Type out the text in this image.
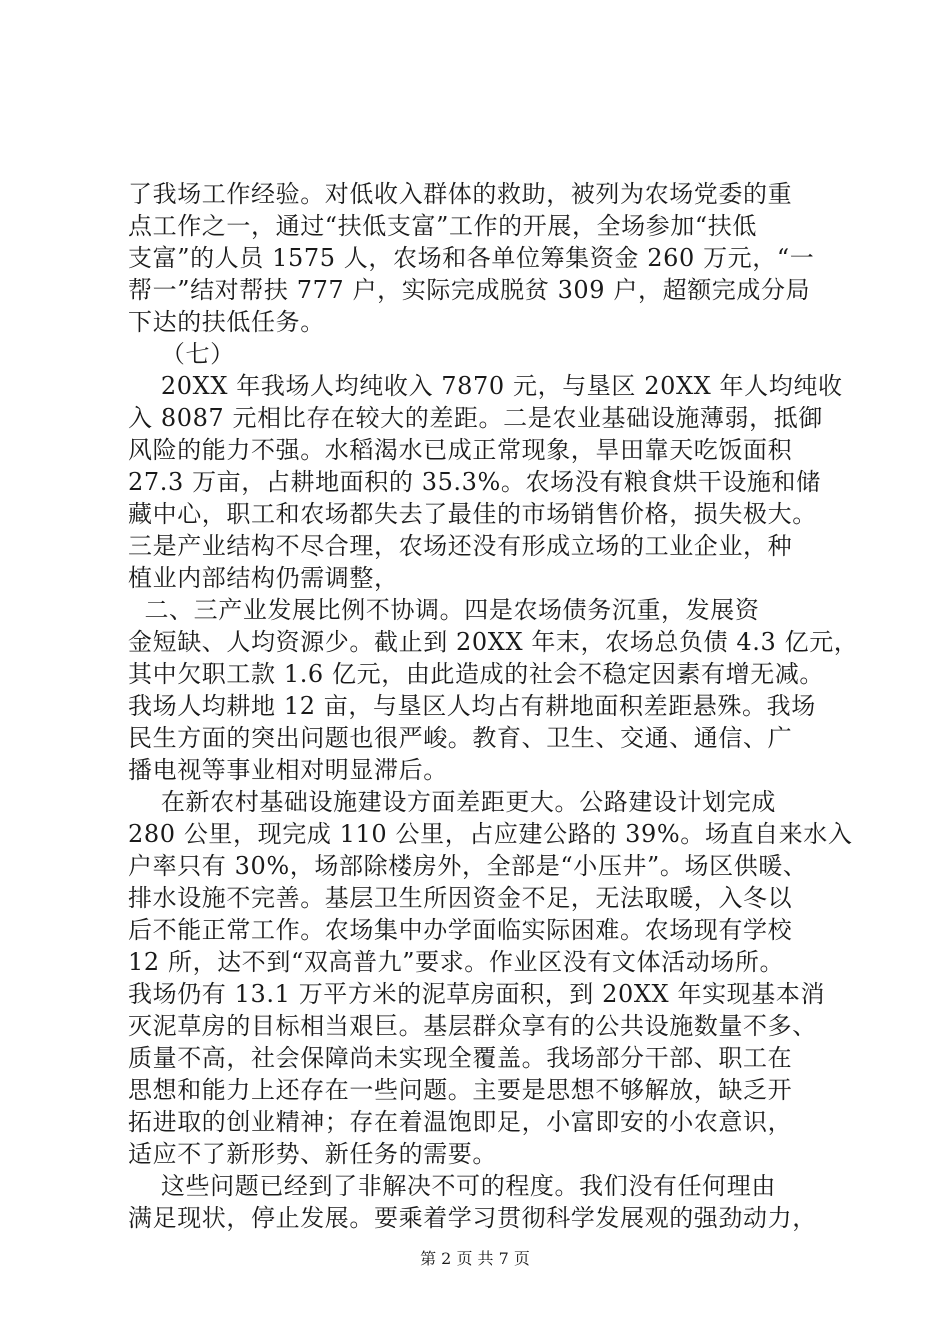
了我场工作经验。对低收入群体的救助，被列为农场党委的重
点工作之一，通过“扶低支富”工作的开展，全场参加“扶低
支富”的人员 1575 人，农场和各单位筹集资金 260 万元，“一
帮一”结对帮扶 777 户，实际完成脱贫 309 户，超额完成分局
下达的扶低任务。
（七）
20XX 年我场人均纯收入 7870 元，与垦区 20XX 年人均纯收
入 8087 元相比存在较大的差距。二是农业基础设施薄弱，抵御
风险的能力不强。水稻渴水已成正常现象，旱田靠天吃饭面积
27.3 万亩，占耕地面积的 35.3%。农场没有粮食烘干设施和储
藏中心，职工和农场都失去了最佳的市场销售价格，损失极大。
三是产业结构不尽合理，农场还没有形成立场的工业企业，种
植业内部结构仍需调整，
二、三产业发展比例不协调。四是农场债务沉重，发展资
金短缺、人均资源少。截止到 20XX 年末，农场总负债 4.3 亿元，
其中欠职工款 1.6 亿元，由此造成的社会不稳定因素有增无减。
我场人均耕地 12 亩，与垦区人均占有耕地面积差距悬殊。我场
民生方面的突出问题也很严峻。教育、卫生、交通、通信、广
播电视等事业相对明显滞后。
在新农村基础设施建设方面差距更大。公路建设计划完成
280 公里，现完成 110 公里，占应建公路的 39%。场直自来水入
户率只有 30%，场部除楼房外，全部是“小压井”。场区供暖、
排水设施不完善。基层卫生所因资金不足，无法取暖，入冬以
后不能正常工作。农场集中办学面临实际困难。农场现有学校
12 所，达不到“双高普九”要求。作业区没有文体活动场所。
我场仍有 13.1 万平方米的泥草房面积，到 20XX 年实现基本消
灭泥草房的目标相当艰巨。基层群众享有的公共设施数量不多、
质量不高，社会保障尚未实现全覆盖。我场部分干部、职工在
思想和能力上还存在一些问题。主要是思想不够解放，缺乏开
拓进取的创业精神；存在着温饱即足，小富即安的小农意识，
适应不了新形势、新任务的需要。
这些问题已经到了非解决不可的程度。我们没有任何理由
满足现状，停止发展。要乘着学习贯彻科学发展观的强劲动力，
第 2 页 共 7 页
